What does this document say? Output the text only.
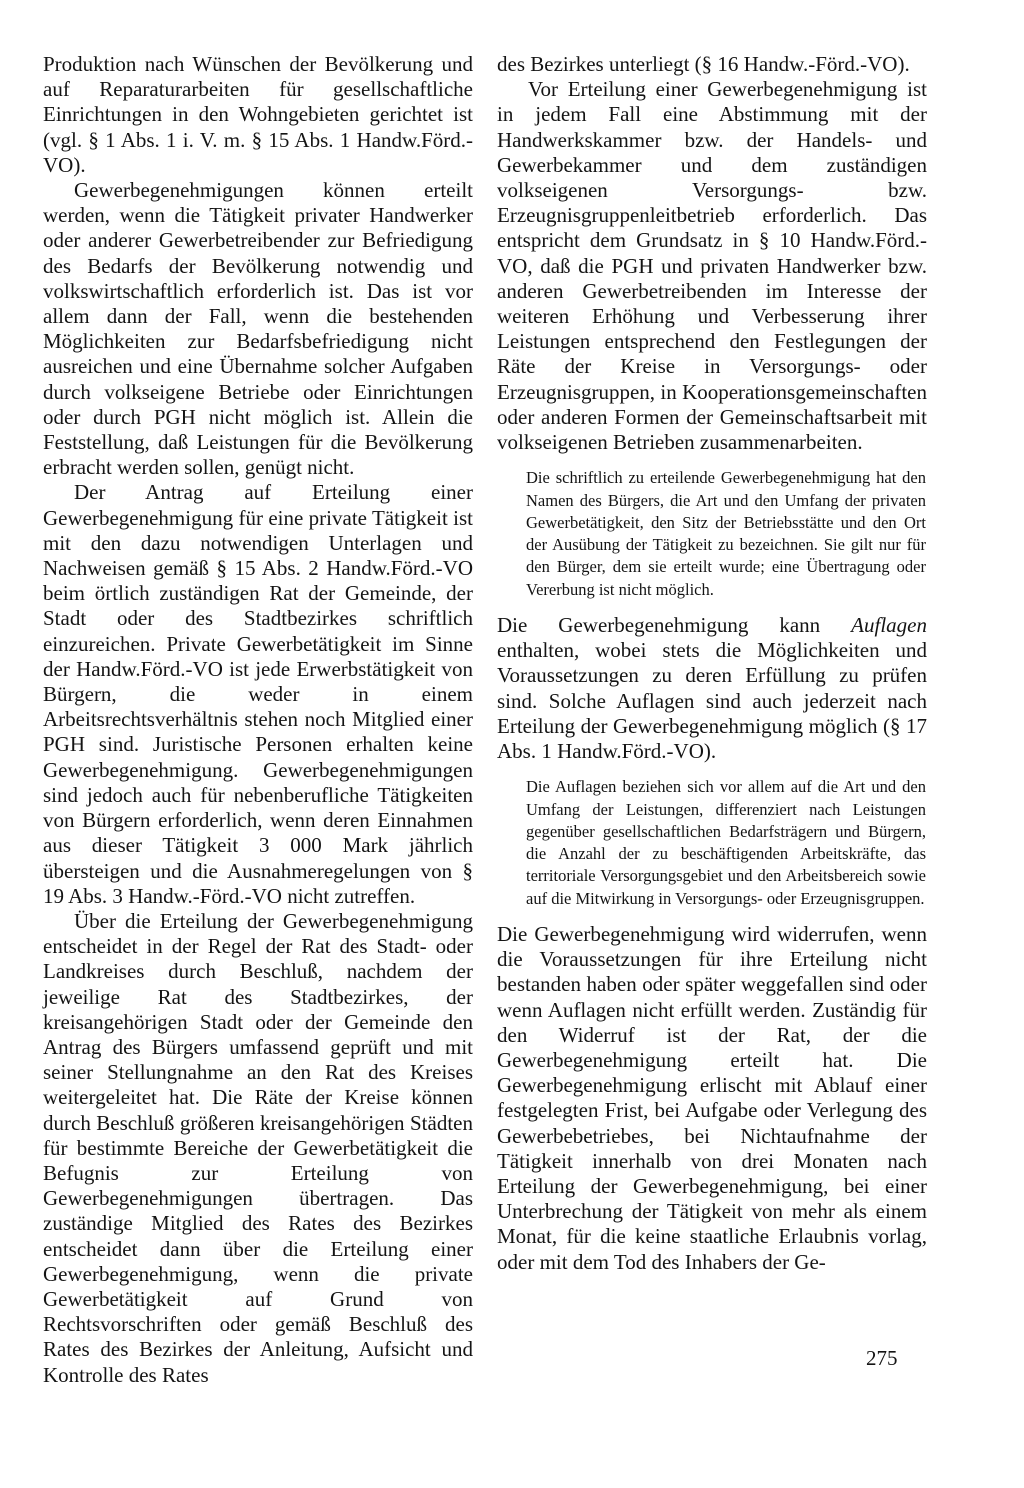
Produktion nach Wünschen der Bevölkerung und auf Reparaturarbeiten für gesellschaftliche Einrichtungen in den Wohngebieten gerichtet ist (vgl. § 1 Abs. 1 i. V. m. § 15 Abs. 1 Handw.Förd.-VO).

Gewerbegenehmigungen können erteilt werden, wenn die Tätigkeit privater Handwerker oder anderer Gewerbetreibender zur Befriedigung des Bedarfs der Bevölkerung notwendig und volkswirtschaftlich erforderlich ist. Das ist vor allem dann der Fall, wenn die bestehenden Möglichkeiten zur Bedarfsbefriedigung nicht ausreichen und eine Übernahme solcher Aufgaben durch volkseigene Betriebe oder Einrichtungen oder durch PGH nicht möglich ist. Allein die Feststellung, daß Leistungen für die Bevölkerung erbracht werden sollen, genügt nicht.

Der Antrag auf Erteilung einer Gewerbegenehmigung für eine private Tätigkeit ist mit den dazu notwendigen Unterlagen und Nachweisen gemäß § 15 Abs. 2 Handw.Förd.-VO beim örtlich zuständigen Rat der Gemeinde, der Stadt oder des Stadtbezirkes schriftlich einzureichen. Private Gewerbetätigkeit im Sinne der Handw.Förd.-VO ist jede Erwerbstätigkeit von Bürgern, die weder in einem Arbeitsrechtsverhältnis stehen noch Mitglied einer PGH sind. Juristische Personen erhalten keine Gewerbegenehmigung. Gewerbegenehmigungen sind jedoch auch für nebenberufliche Tätigkeiten von Bürgern erforderlich, wenn deren Einnahmen aus dieser Tätigkeit 3 000 Mark jährlich übersteigen und die Ausnahmeregelungen von § 19 Abs. 3 Handw.-Förd.-VO nicht zutreffen.

Über die Erteilung der Gewerbegenehmigung entscheidet in der Regel der Rat des Stadt- oder Landkreises durch Beschluß, nachdem der jeweilige Rat des Stadtbezirkes, der kreisangehörigen Stadt oder der Gemeinde den Antrag des Bürgers umfassend geprüft und mit seiner Stellungnahme an den Rat des Kreises weitergeleitet hat. Die Räte der Kreise können durch Beschluß größeren kreisangehörigen Städten für bestimmte Bereiche der Gewerbetätigkeit die Befugnis zur Erteilung von Gewerbegenehmigungen übertragen. Das zuständige Mitglied des Rates des Bezirkes entscheidet dann über die Erteilung einer Gewerbegenehmigung, wenn die private Gewerbetätigkeit auf Grund von Rechtsvorschriften oder gemäß Beschluß des Rates des Bezirkes der Anleitung, Aufsicht und Kontrolle des Rates

des Bezirkes unterliegt (§ 16 Handw.-Förd.-VO).

Vor Erteilung einer Gewerbegenehmigung ist in jedem Fall eine Abstimmung mit der Handwerkskammer bzw. der Handels- und Gewerbekammer und dem zuständigen volkseigenen Versorgungs- bzw. Erzeugnisgruppenleitbetrieb erforderlich. Das entspricht dem Grundsatz in § 10 Handw.Förd.-VO, daß die PGH und privaten Handwerker bzw. anderen Gewerbetreibenden im Interesse der weiteren Erhöhung und Verbesserung ihrer Leistungen entsprechend den Festlegungen der Räte der Kreise in Versorgungs- oder Erzeugnisgruppen, in Kooperationsgemeinschaften oder anderen Formen der Gemeinschaftsarbeit mit volkseigenen Betrieben zusammenarbeiten.

Die schriftlich zu erteilende Gewerbegenehmigung hat den Namen des Bürgers, die Art und den Umfang der privaten Gewerbetätigkeit, den Sitz der Betriebsstätte und den Ort der Ausübung der Tätigkeit zu bezeichnen. Sie gilt nur für den Bürger, dem sie erteilt wurde; eine Übertragung oder Vererbung ist nicht möglich.

Die Gewerbegenehmigung kann Auflagen enthalten, wobei stets die Möglichkeiten und Voraussetzungen zu deren Erfüllung zu prüfen sind. Solche Auflagen sind auch jederzeit nach Erteilung der Gewerbegenehmigung möglich (§ 17 Abs. 1 Handw.Förd.-VO).

Die Auflagen beziehen sich vor allem auf die Art und den Umfang der Leistungen, differenziert nach Leistungen gegenüber gesellschaftlichen Bedarfsträgern und Bürgern, die Anzahl der zu beschäftigenden Arbeitskräfte, das territoriale Versorgungsgebiet und den Arbeitsbereich sowie auf die Mitwirkung in Versorgungs- oder Erzeugnisgruppen.

Die Gewerbegenehmigung wird widerrufen, wenn die Voraussetzungen für ihre Erteilung nicht bestanden haben oder später weggefallen sind oder wenn Auflagen nicht erfüllt werden. Zuständig für den Widerruf ist der Rat, der die Gewerbegenehmigung erteilt hat. Die Gewerbegenehmigung erlischt mit Ablauf einer festgelegten Frist, bei Aufgabe oder Verlegung des Gewerbebetriebes, bei Nichtaufnahme der Tätigkeit innerhalb von drei Monaten nach Erteilung der Gewerbegenehmigung, bei einer Unterbrechung der Tätigkeit von mehr als einem Monat, für die keine staatliche Erlaubnis vorlag, oder mit dem Tod des Inhabers der Ge-

275
